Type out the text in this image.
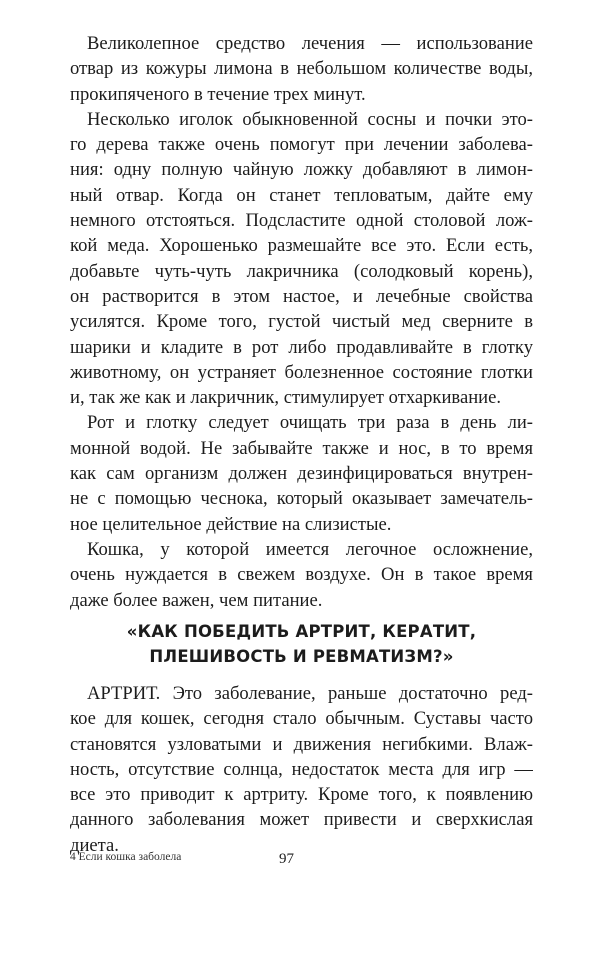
Великолепное средство лечения — использование
отвар из кожуры лимона в небольшом количестве воды,
прокипяченого в течение трех минут.
Несколько иголок обыкновенной сосны и почки это-
го дерева также очень помогут при лечении заболева-
ния: одну полную чайную ложку добавляют в лимон-
ный отвар. Когда он станет тепловатым, дайте ему
немного отстояться. Подсластите одной столовой лож-
кой меда. Хорошенько размешайте все это. Если есть,
добавьте чуть-чуть лакричника (солодковый корень),
он растворится в этом настое, и лечебные свойства
усилятся. Кроме того, густой чистый мед сверните в
шарики и кладите в рот либо продавливайте в глотку
животному, он устраняет болезненное состояние глотки
и, так же как и лакричник, стимулирует отхаркивание.
Рот и глотку следует очищать три раза в день ли-
монной водой. Не забывайте также и нос, в то время
как сам организм должен дезинфицироваться внутрен-
не с помощью чеснока, который оказывает замечатель-
ное целительное действие на слизистые.
Кошка, у которой имеется легочное осложнение,
очень нуждается в свежем воздухе. Он в такое время
даже более важен, чем питание.
«КАК ПОБЕДИТЬ АРТРИТ, КЕРАТИТ,
ПЛЕШИВОСТЬ И РЕВМАТИЗМ?»
АРТРИТ. Это заболевание, раньше достаточно ред-
кое для кошек, сегодня стало обычным. Суставы часто
становятся узловатыми и движения негибкими. Влаж-
ность, отсутствие солнца, недостаток места для игр —
все это приводит к артриту. Кроме того, к появлению
данного заболевания может привести и сверхкислая
диета.
4 Если кошка заболела	97
